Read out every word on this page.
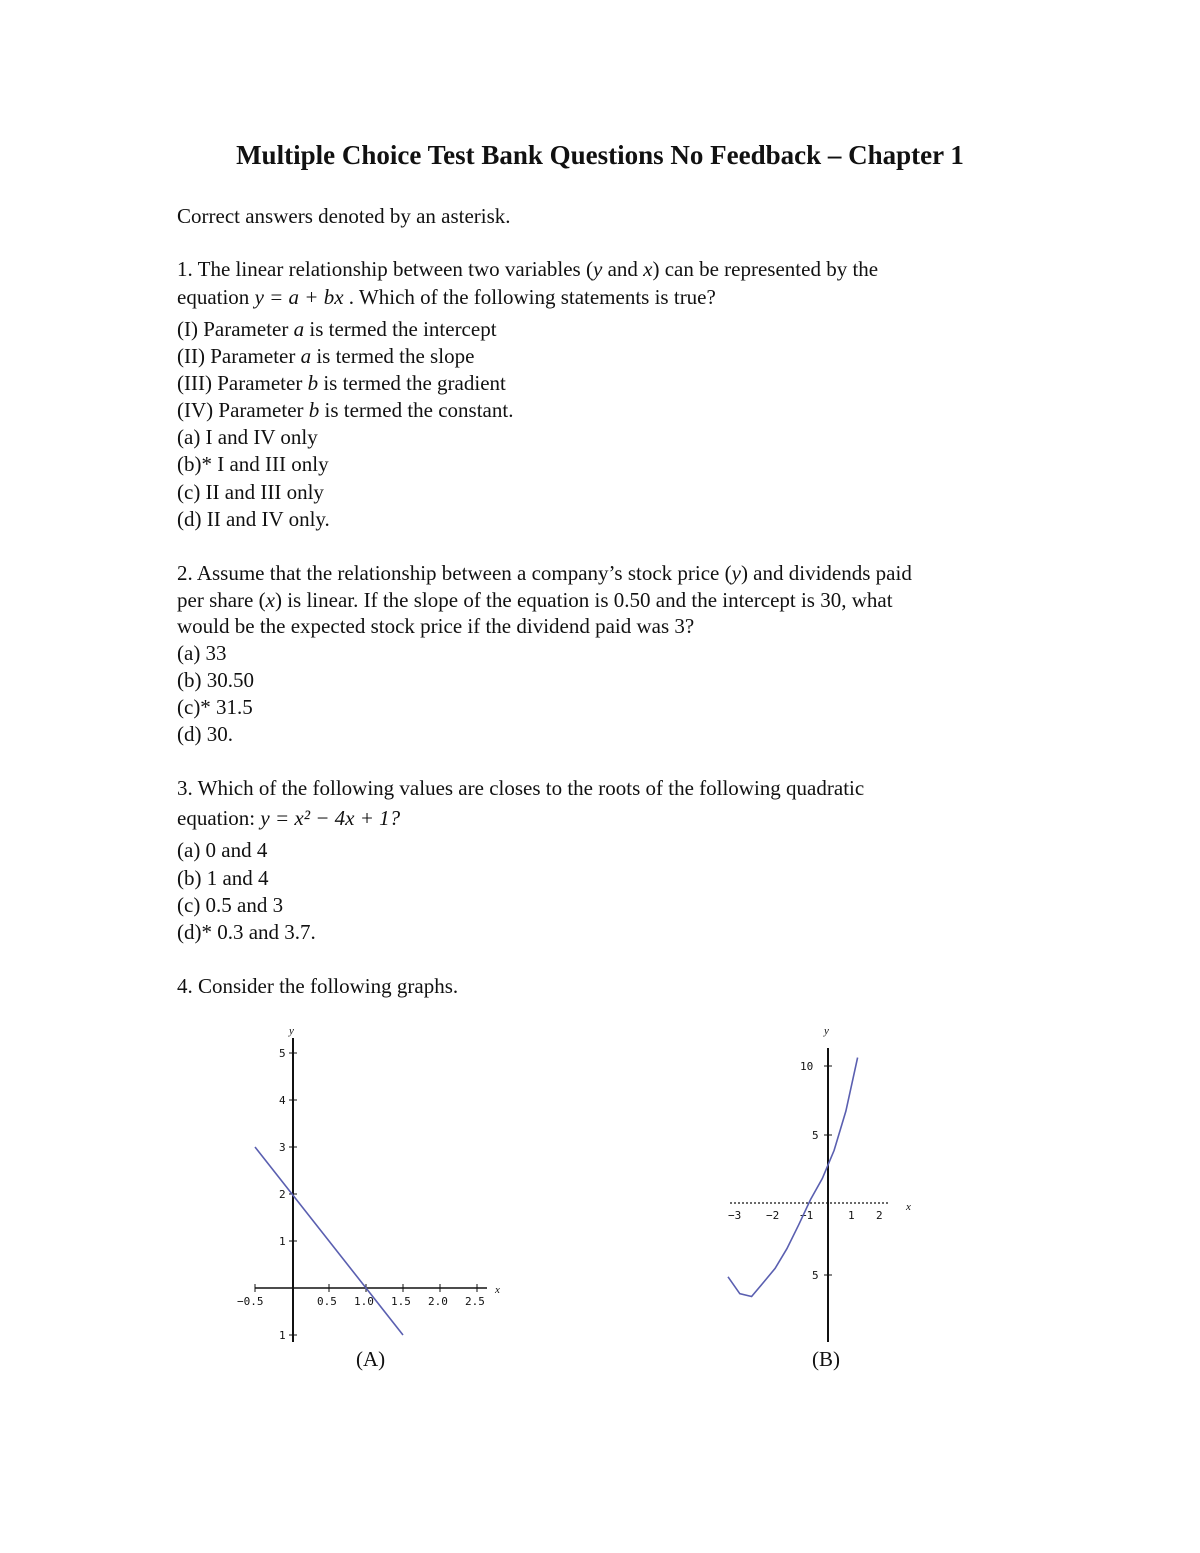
Multiple Choice Test Bank Questions No Feedback – Chapter 1
Correct answers denoted by an asterisk.
1. The linear relationship between two variables (y and x) can be represented by the
equation y = a + bx . Which of the following statements is true?
(I) Parameter a is termed the intercept
(II) Parameter a is termed the slope
(III) Parameter b is termed the gradient
(IV) Parameter b is termed the constant.
(a) I and IV only
(b)* I and III only
(c) II and III only
(d) II and IV only.
2. Assume that the relationship between a company’s stock price (y) and dividends paid
per share (x) is linear. If the slope of the equation is 0.50 and the intercept is 30, what
would be the expected stock price if the dividend paid was 3?
(a) 33
(b) 30.50
(c)* 31.5
(d) 30.
3. Which of the following values are closes to the roots of the following quadratic
equation: y = x² − 4x + 1?
(a) 0 and 4
(b) 1 and 4
(c) 0.5 and 3
(d)* 0.3 and 3.7.
4. Consider the following graphs.
y
x
−0.5	0.5 1.0 1.5 2.0 2.5
1
1
2
3
4
5
(A)
y
x
−3 −2 −1	1 2
5
5
10
(B)
